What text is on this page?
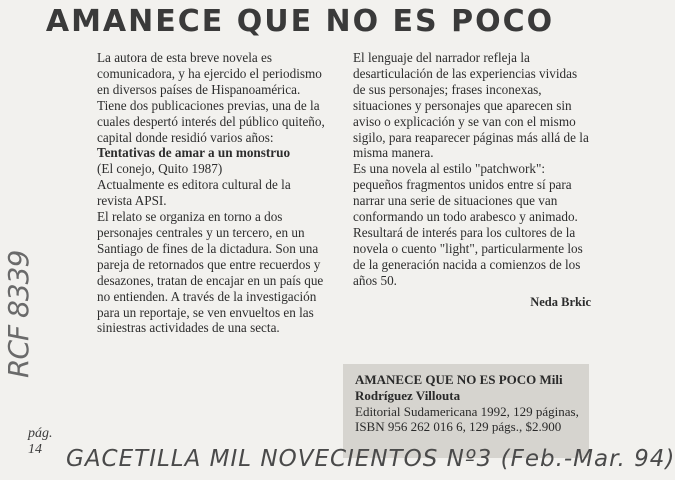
AMANECE QUE NO ES POCO

La autora de esta breve novela es comunicadora, y ha ejercido el periodismo en diversos países de Hispanoamérica. Tiene dos publicaciones previas, una de la cuales despertó interés del público quiteño, capital donde residió varios años:

Tentativas de amar a un monstruo

(El conejo, Quito 1987)

Actualmente es editora cultural de la revista APSI.

El relato se organiza en torno a dos personajes centrales y un tercero, en un Santiago de fines de la dictadura. Son una pareja de retornados que entre recuerdos y desazones, tratan de encajar en un país que no entienden. A través de la investigación para un reportaje, se ven envueltos en las siniestras actividades de una secta.

El lenguaje del narrador refleja la desarticulación de las experiencias vividas de sus personajes; frases inconexas, situaciones y personajes que aparecen sin aviso o explicación y se van con el mismo sigilo, para reaparecer páginas más allá de la misma manera.

Es una novela al estilo "patchwork": pequeños fragmentos unidos entre sí para narrar una serie de situaciones que van conformando un todo arabesco y animado.

Resultará de interés para los cultores de la novela o cuento "light", particularmente los de la generación nacida a comienzos de los años 50.

Neda Brkic

AMANECE QUE NO ES POCO Mili Rodríguez Villouta

Editorial Sudamericana 1992, 129 páginas,

ISBN 956 262 016 6, 129 págs., $2.900

RCF 8339
pág.
14	GACETILLA MIL NOVECIENTOS Nº3 (Feb.-Mar. 94)
